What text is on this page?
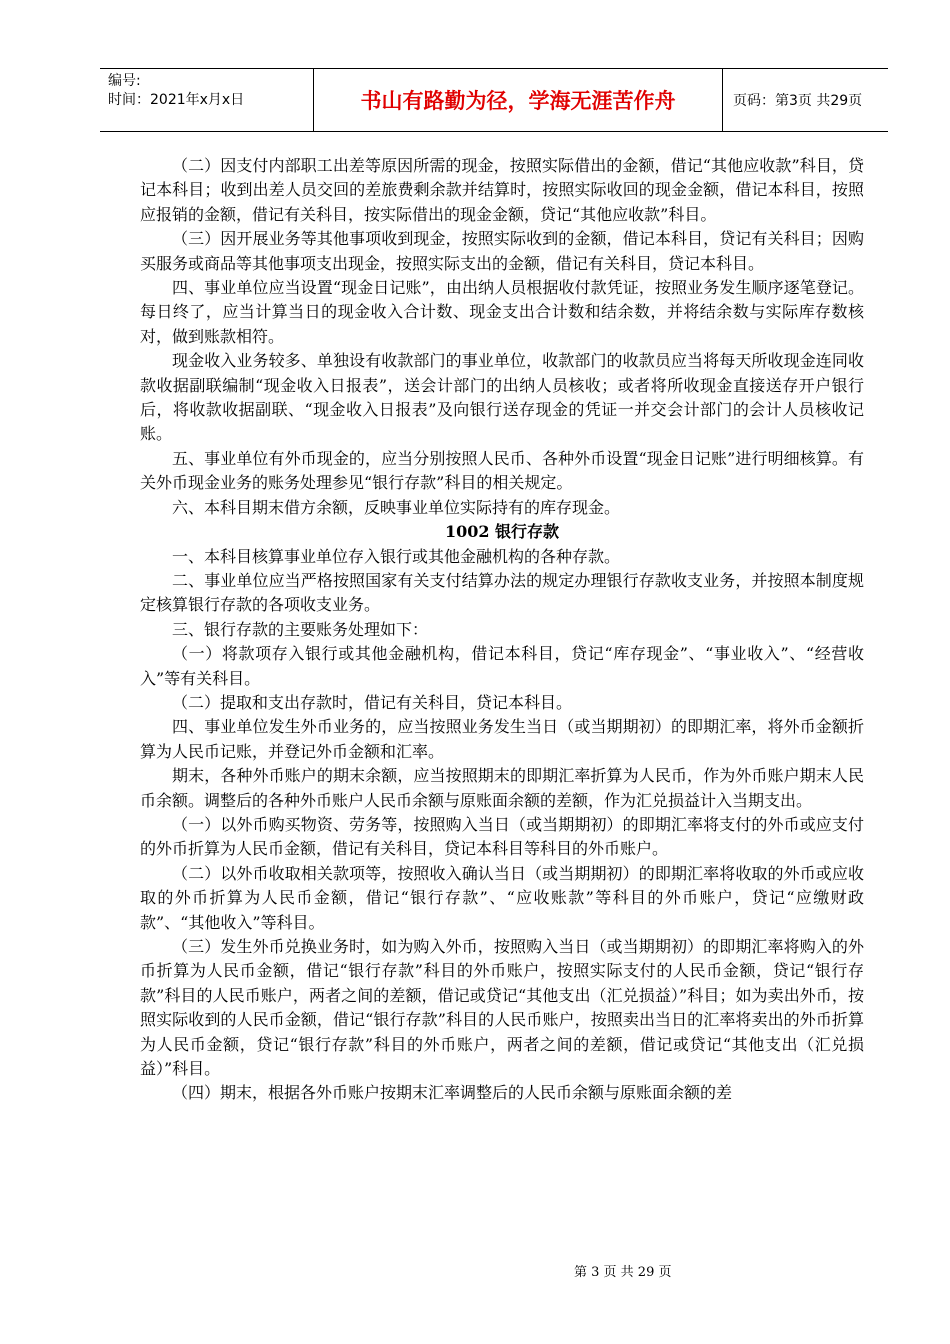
编号:
时间：2021年x月x日	书山有路勤为径，学海无涯苦作舟	页码：第3页 共29页

（二）因支付内部职工出差等原因所需的现金，按照实际借出的金额，借记“其他应收款”科目，贷记本科目；收到出差人员交回的差旅费剩余款并结算时，按照实际收回的现金金额，借记本科目，按照应报销的金额，借记有关科目，按实际借出的现金金额，贷记“其他应收款”科目。

（三）因开展业务等其他事项收到现金，按照实际收到的金额，借记本科目，贷记有关科目；因购买服务或商品等其他事项支出现金，按照实际支出的金额，借记有关科目，贷记本科目。

四、事业单位应当设置“现金日记账”，由出纳人员根据收付款凭证，按照业务发生顺序逐笔登记。每日终了，应当计算当日的现金收入合计数、现金支出合计数和结余数，并将结余数与实际库存数核对，做到账款相符。

现金收入业务较多、单独设有收款部门的事业单位，收款部门的收款员应当将每天所收现金连同收款收据副联编制“现金收入日报表”，送会计部门的出纳人员核收；或者将所收现金直接送存开户银行后，将收款收据副联、“现金收入日报表”及向银行送存现金的凭证一并交会计部门的会计人员核收记账。

五、事业单位有外币现金的，应当分别按照人民币、各种外币设置“现金日记账”进行明细核算。有关外币现金业务的账务处理参见“银行存款”科目的相关规定。

六、本科目期末借方余额，反映事业单位实际持有的库存现金。

1002 银行存款

一、本科目核算事业单位存入银行或其他金融机构的各种存款。

二、事业单位应当严格按照国家有关支付结算办法的规定办理银行存款收支业务，并按照本制度规定核算银行存款的各项收支业务。

三、银行存款的主要账务处理如下：

（一）将款项存入银行或其他金融机构，借记本科目，贷记“库存现金”、“事业收入”、“经营收入”等有关科目。

（二）提取和支出存款时，借记有关科目，贷记本科目。

四、事业单位发生外币业务的，应当按照业务发生当日（或当期期初）的即期汇率，将外币金额折算为人民币记账，并登记外币金额和汇率。

期末，各种外币账户的期末余额，应当按照期末的即期汇率折算为人民币，作为外币账户期末人民币余额。调整后的各种外币账户人民币余额与原账面余额的差额，作为汇兑损益计入当期支出。

（一）以外币购买物资、劳务等，按照购入当日（或当期期初）的即期汇率将支付的外币或应支付的外币折算为人民币金额，借记有关科目，贷记本科目等科目的外币账户。

（二）以外币收取相关款项等，按照收入确认当日（或当期期初）的即期汇率将收取的外币或应收取的外币折算为人民币金额，借记“银行存款”、“应收账款”等科目的外币账户，贷记“应缴财政款”、“其他收入”等科目。

（三）发生外币兑换业务时，如为购入外币，按照购入当日（或当期期初）的即期汇率将购入的外币折算为人民币金额，借记“银行存款”科目的外币账户，按照实际支付的人民币金额，贷记“银行存款”科目的人民币账户，两者之间的差额，借记或贷记“其他支出（汇兑损益）”科目；如为卖出外币，按照实际收到的人民币金额，借记“银行存款”科目的人民币账户，按照卖出当日的汇率将卖出的外币折算为人民币金额，贷记“银行存款”科目的外币账户，两者之间的差额，借记或贷记“其他支出（汇兑损益）”科目。

（四）期末，根据各外币账户按期末汇率调整后的人民币余额与原账面余额的差

第 3 页 共 29 页
